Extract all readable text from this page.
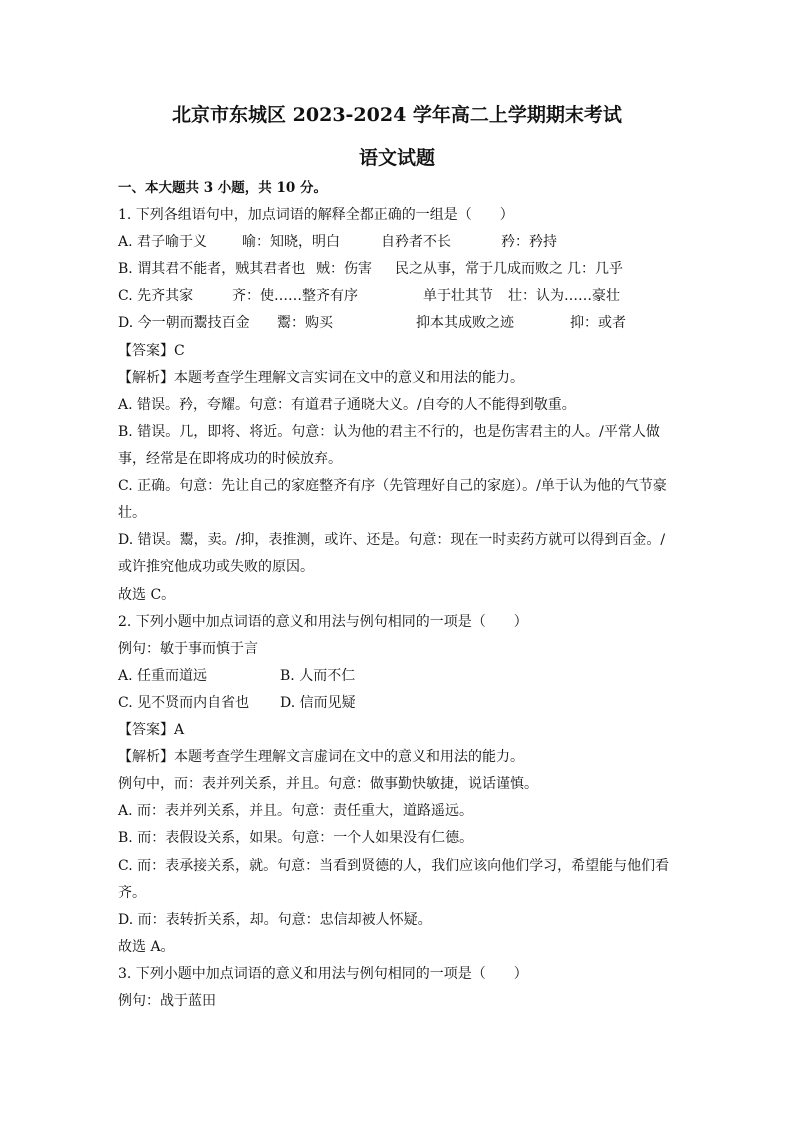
北京市东城区 2023-2024 学年高二上学期期末考试
语文试题
一、本大题共 3 小题，共 10 分。
1. 下列各组语句中，加点词语的解释全都正确的一组是（　　）
A. 君子喻于义 喻：知晓，明白	自矜者不长	矜：矜持
B. 谓其君不能者，贼其君者也 贼：伤害 民之从事，常于几成而败之 几：几乎
C. 先齐其家	齐：使……整齐有序	单于壮其节 壮：认为……豪壮
D. 今一朝而鬻技百金 鬻：购买	抑本其成败之迹	抑：或者
【答案】C
【解析】本题考查学生理解文言实词在文中的意义和用法的能力。
A. 错误。矜，夸耀。句意：有道君子通晓大义。/自夸的人不能得到敬重。
B. 错误。几，即将、将近。句意：认为他的君主不行的，也是伤害君主的人。/平常人做
事，经常是在即将成功的时候放弃。
C. 正确。句意：先让自己的家庭整齐有序（先管理好自己的家庭）。/单于认为他的气节豪
壮。
D. 错误。鬻，卖。/抑，表推测，或许、还是。句意：现在一时卖药方就可以得到百金。/
或许推究他成功或失败的原因。
故选 C。
2. 下列小题中加点词语的意义和用法与例句相同的一项是（　　）
例句：敏于事而慎于言
A. 任重而道远	B. 人而不仁
C. 见不贤而内自省也 D. 信而见疑
【答案】A
【解析】本题考查学生理解文言虚词在文中的意义和用法的能力。
例句中，而：表并列关系，并且。句意：做事勤快敏捷，说话谨慎。
A. 而：表并列关系，并且。句意：责任重大，道路遥远。
B. 而：表假设关系，如果。句意：一个人如果没有仁德。
C. 而：表承接关系，就。句意：当看到贤德的人，我们应该向他们学习，希望能与他们看
齐。
D. 而：表转折关系，却。句意：忠信却被人怀疑。
故选 A。
3. 下列小题中加点词语的意义和用法与例句相同的一项是（　　）
例句：战于蓝田
